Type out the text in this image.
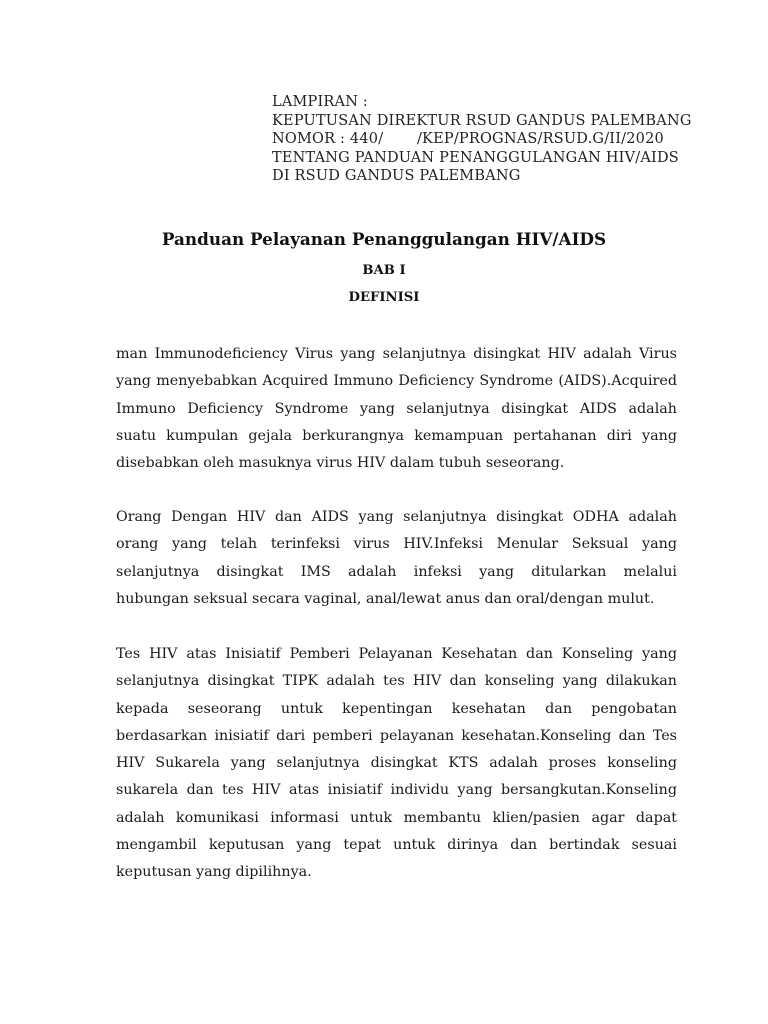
LAMPIRAN :
KEPUTUSAN DIREKTUR RSUD GANDUS PALEMBANG
NOMOR : 440/       /KEP/PROGNAS/RSUD.G/II/2020
TENTANG PANDUAN PENANGGULANGAN HIV/AIDS
DI RSUD GANDUS PALEMBANG
Panduan Pelayanan Penanggulangan HIV/AIDS
BAB I
DEFINISI
man Immunodeficiency Virus yang selanjutnya disingkat HIV adalah Virus
yang menyebabkan Acquired Immuno Deficiency Syndrome (AIDS).Acquired
Immuno Deficiency Syndrome yang selanjutnya disingkat AIDS adalah
suatu kumpulan gejala berkurangnya kemampuan pertahanan diri yang
disebabkan oleh masuknya virus HIV dalam tubuh seseorang.
Orang Dengan HIV dan AIDS yang selanjutnya disingkat ODHA adalah
orang yang telah terinfeksi virus HIV.Infeksi Menular Seksual yang
selanjutnya disingkat IMS adalah infeksi yang ditularkan melalui
hubungan seksual secara vaginal, anal/lewat anus dan oral/dengan mulut.
Tes HIV atas Inisiatif Pemberi Pelayanan Kesehatan dan Konseling yang
selanjutnya disingkat TIPK adalah tes HIV dan konseling yang dilakukan
kepada seseorang untuk kepentingan kesehatan dan pengobatan
berdasarkan inisiatif dari pemberi pelayanan kesehatan.Konseling dan Tes
HIV Sukarela yang selanjutnya disingkat KTS adalah proses konseling
sukarela dan tes HIV atas inisiatif individu yang bersangkutan.Konseling
adalah komunikasi informasi untuk membantu klien/pasien agar dapat
mengambil keputusan yang tepat untuk dirinya dan bertindak sesuai
keputusan yang dipilihnya.
